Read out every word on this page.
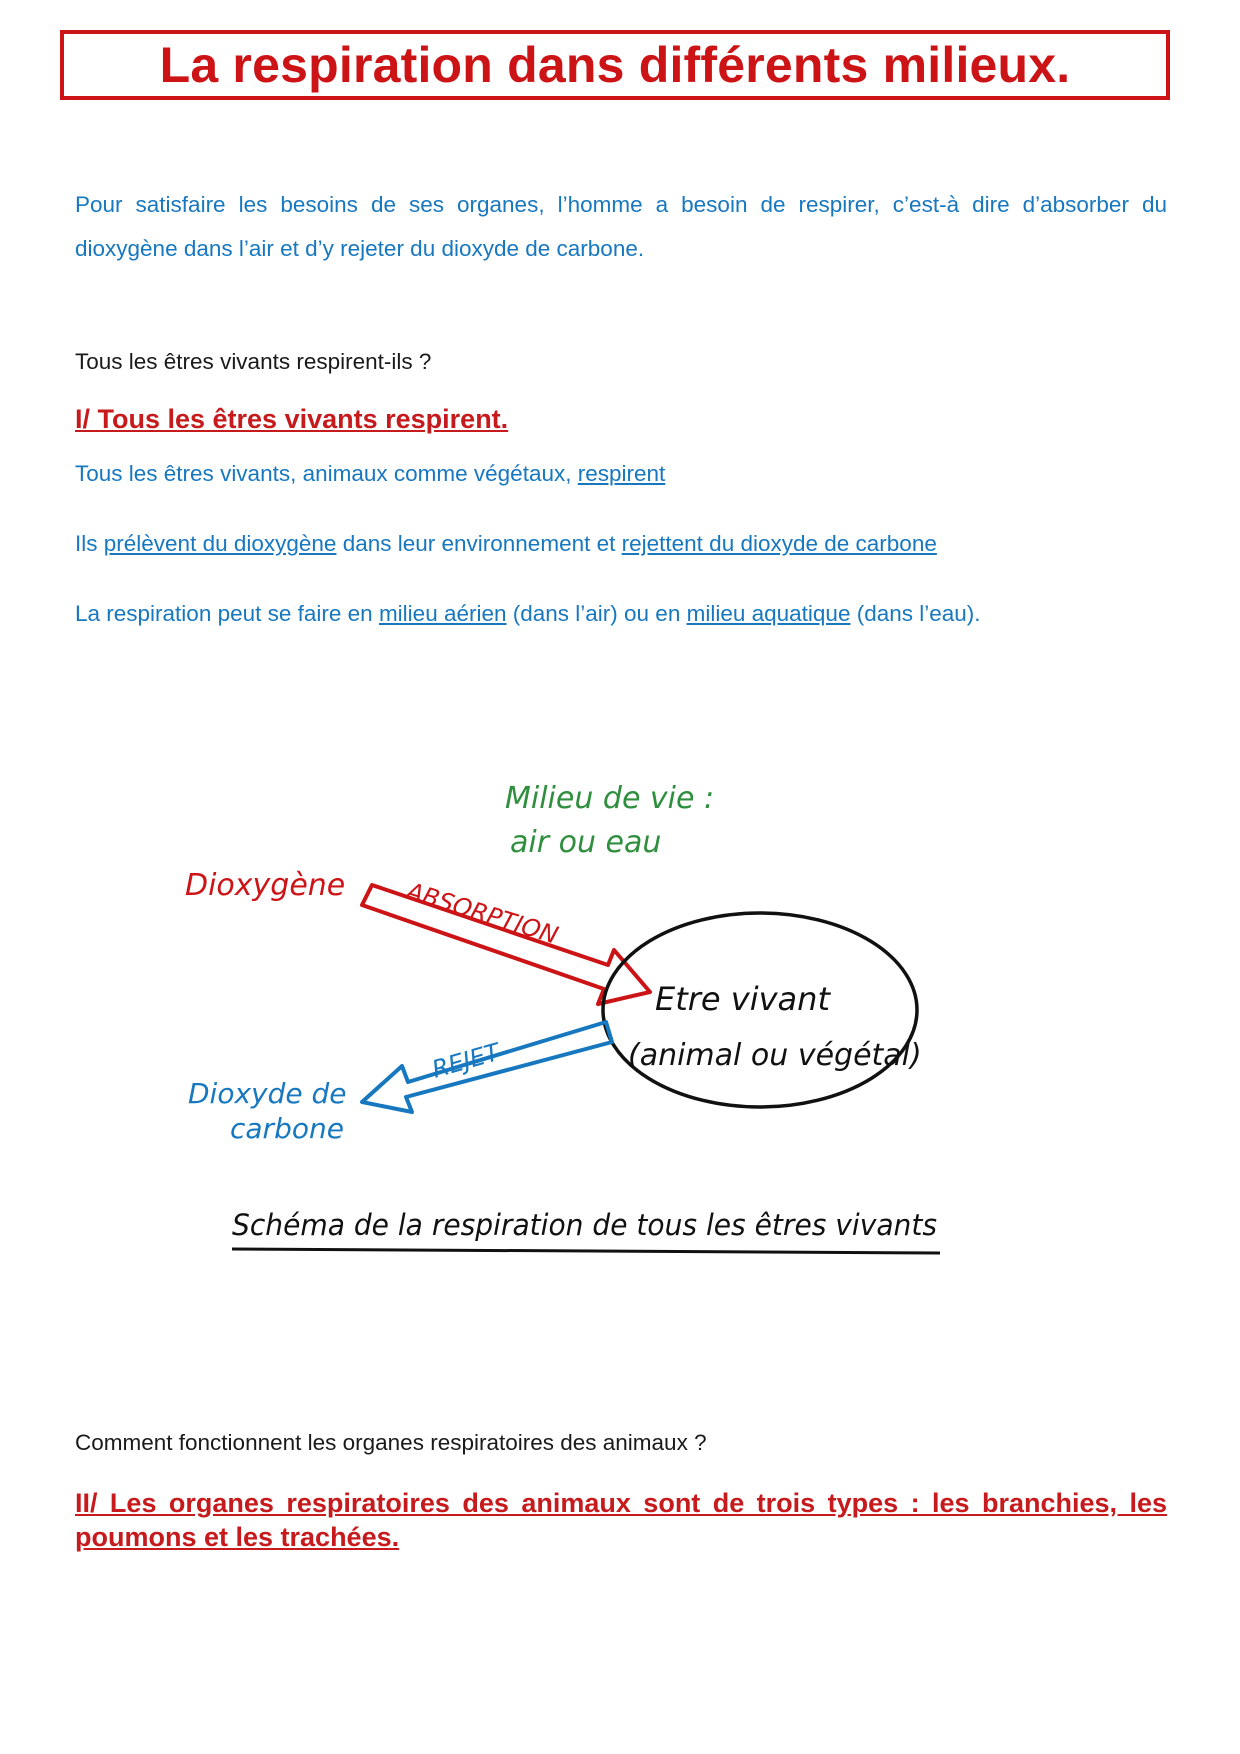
La respiration dans différents milieux.

Pour satisfaire les besoins de ses organes, l’homme a besoin de respirer, c’est-à dire d’absorber du dioxygène dans l’air et d’y rejeter du dioxyde de carbone.

Tous les êtres vivants respirent-ils ?

I/ Tous les êtres vivants respirent.

Tous les êtres vivants, animaux comme végétaux, respirent

Ils prélèvent du dioxygène dans leur environnement et rejettent du dioxyde de carbone

La respiration peut se faire en milieu aérien (dans l’air) ou en milieu aquatique (dans l’eau).

Milieu de vie :
air ou eau
Dioxygène ABSORPTION
Etre vivant
(animal ou végétal)
REJET
Dioxyde de
carbone
Schéma de la respiration de tous les êtres vivants

Comment fonctionnent les organes respiratoires des animaux ?

II/ Les organes respiratoires des animaux sont de trois types : les branchies, les poumons et les trachées.
